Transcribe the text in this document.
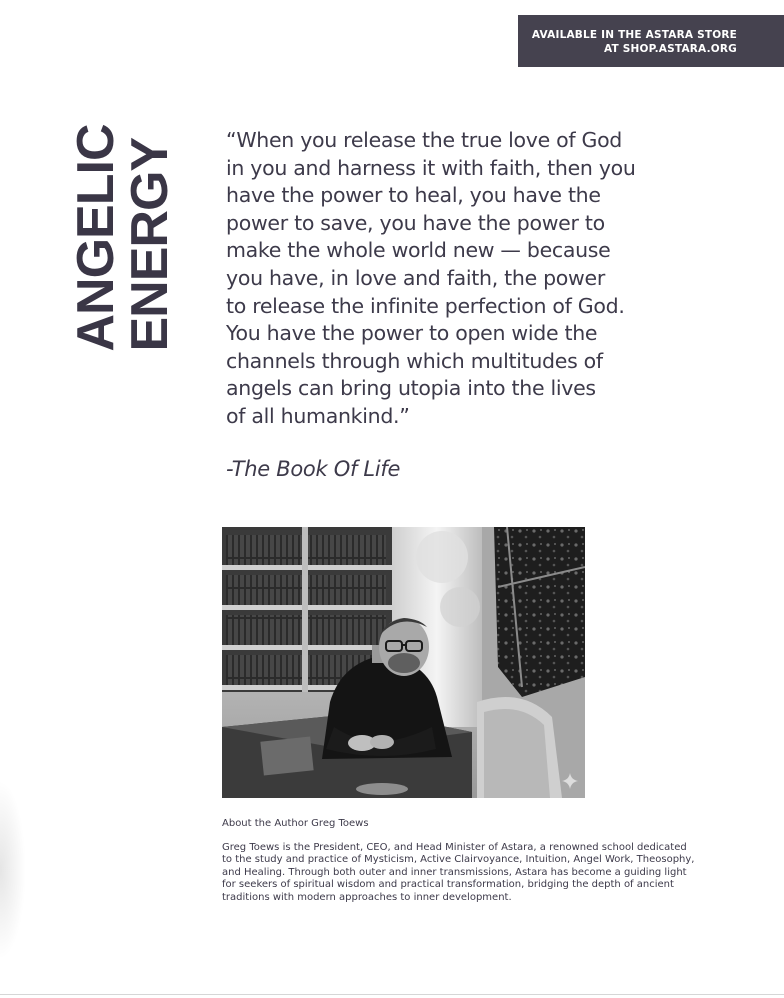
AVAILABLE IN THE ASTARA STORE
AT SHOP.ASTARA.ORG
ANGELIC
ENERGY “When you release the true love of God
in you and harness it with faith, then you
have the power to heal, you have the
power to save, you have the power to
make the whole world new — because
you have, in love and faith, the power
to release the infinite perfection of God.
You have the power to open wide the
channels through which multitudes of
angels can bring utopia into the lives
of all humankind.”
-The Book Of Life
About the Author Greg Toews
Greg Toews is the President, CEO, and Head Minister of Astara, a renowned school dedicated
to the study and practice of Mysticism, Active Clairvoyance, Intuition, Angel Work, Theosophy,
and Healing. Through both outer and inner transmissions, Astara has become a guiding light
for seekers of spiritual wisdom and practical transformation, bridging the depth of ancient
traditions with modern approaches to inner development.
